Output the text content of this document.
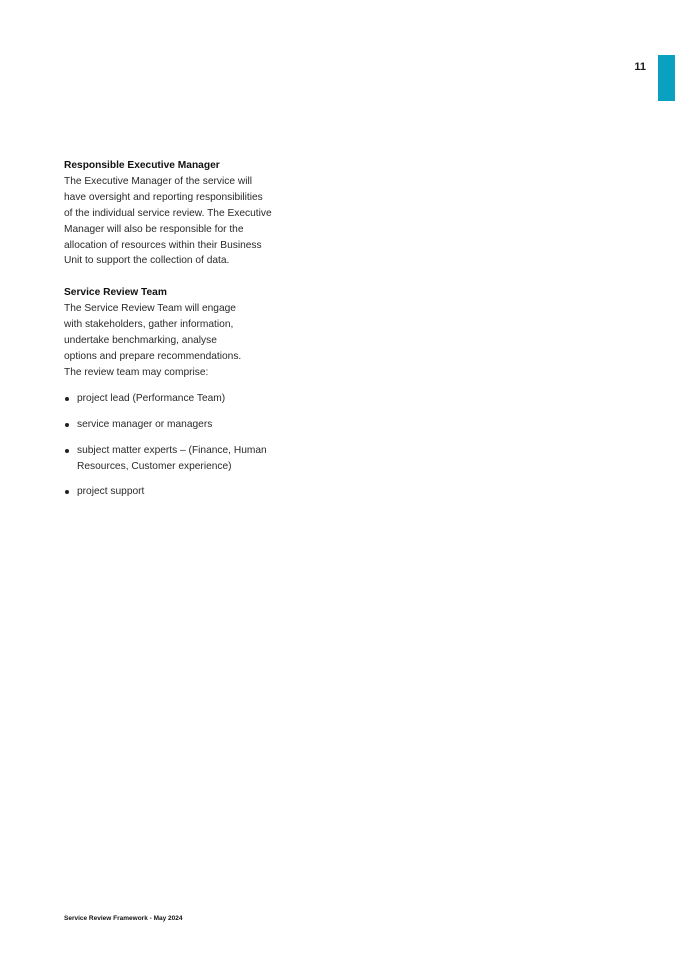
11
Responsible Executive Manager
The Executive Manager of the service will
have oversight and reporting responsibilities
of the individual service review. The Executive
Manager will also be responsible for the
allocation of resources within their Business
Unit to support the collection of data.
Service Review Team
The Service Review Team will engage
with stakeholders, gather information,
undertake benchmarking, analyse
options and prepare recommendations.
The review team may comprise:
project lead (Performance Team)
service manager or managers
subject matter experts – (Finance, Human
Resources, Customer experience)
project support
Service Review Framework - May 2024
